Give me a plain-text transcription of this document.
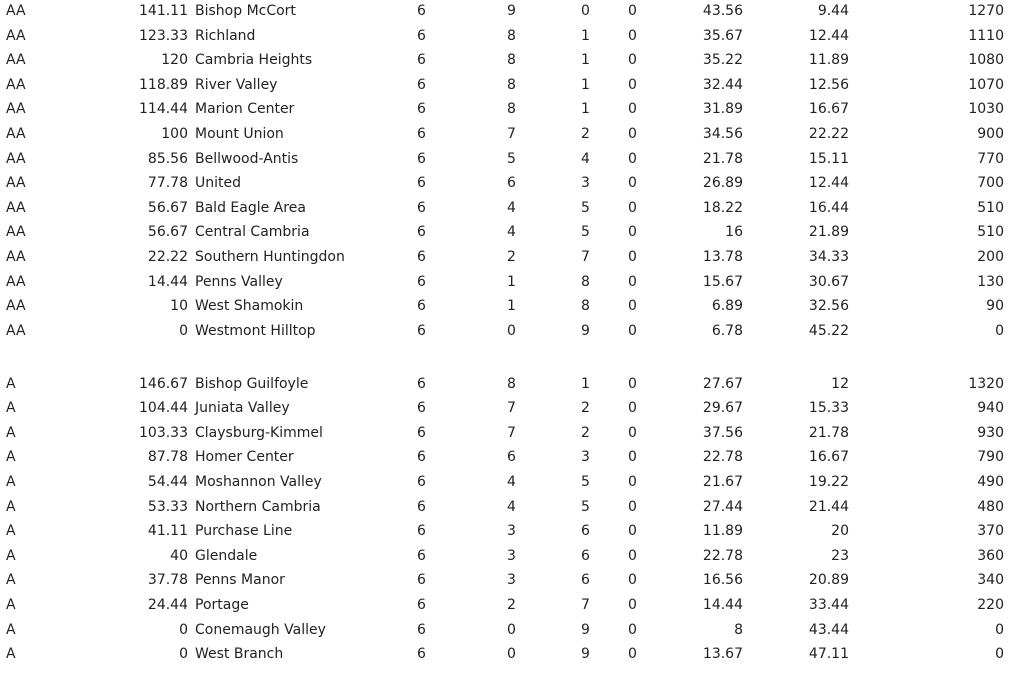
AA	141.11 Bishop McCort	6	9	0	0	43.56	9.44	1270
AA	123.33 Richland	6	8	1	0	35.67	12.44	1110
AA	120 Cambria Heights	6	8	1	0	35.22	11.89	1080
AA	118.89 River Valley	6	8	1	0	32.44	12.56	1070
AA	114.44 Marion Center	6	8	1	0	31.89	16.67	1030
AA	100 Mount Union	6	7	2	0	34.56	22.22	900
AA	85.56 Bellwood-Antis	6	5	4	0	21.78	15.11	770
AA	77.78 United	6	6	3	0	26.89	12.44	700
AA	56.67 Bald Eagle Area	6	4	5	0	18.22	16.44	510
AA	56.67 Central Cambria	6	4	5	0	16	21.89	510
AA	22.22 Southern Huntingdon	6	2	7	0	13.78	34.33	200
AA	14.44 Penns Valley	6	1	8	0	15.67	30.67	130
AA	10 West Shamokin	6	1	8	0	6.89	32.56	90
AA	0 Westmont Hilltop	6	0	9	0	6.78	45.22	0
A	146.67 Bishop Guilfoyle	6	8	1	0	27.67	12	1320
A	104.44 Juniata Valley	6	7	2	0	29.67	15.33	940
A	103.33 Claysburg-Kimmel	6	7	2	0	37.56	21.78	930
A	87.78 Homer Center	6	6	3	0	22.78	16.67	790
A	54.44 Moshannon Valley	6	4	5	0	21.67	19.22	490
A	53.33 Northern Cambria	6	4	5	0	27.44	21.44	480
A	41.11 Purchase Line	6	3	6	0	11.89	20	370
A	40 Glendale	6	3	6	0	22.78	23	360
A	37.78 Penns Manor	6	3	6	0	16.56	20.89	340
A	24.44 Portage	6	2	7	0	14.44	33.44	220
A	0 Conemaugh Valley	6	0	9	0	8	43.44	0
A	0 West Branch	6	0	9	0	13.67	47.11	0
